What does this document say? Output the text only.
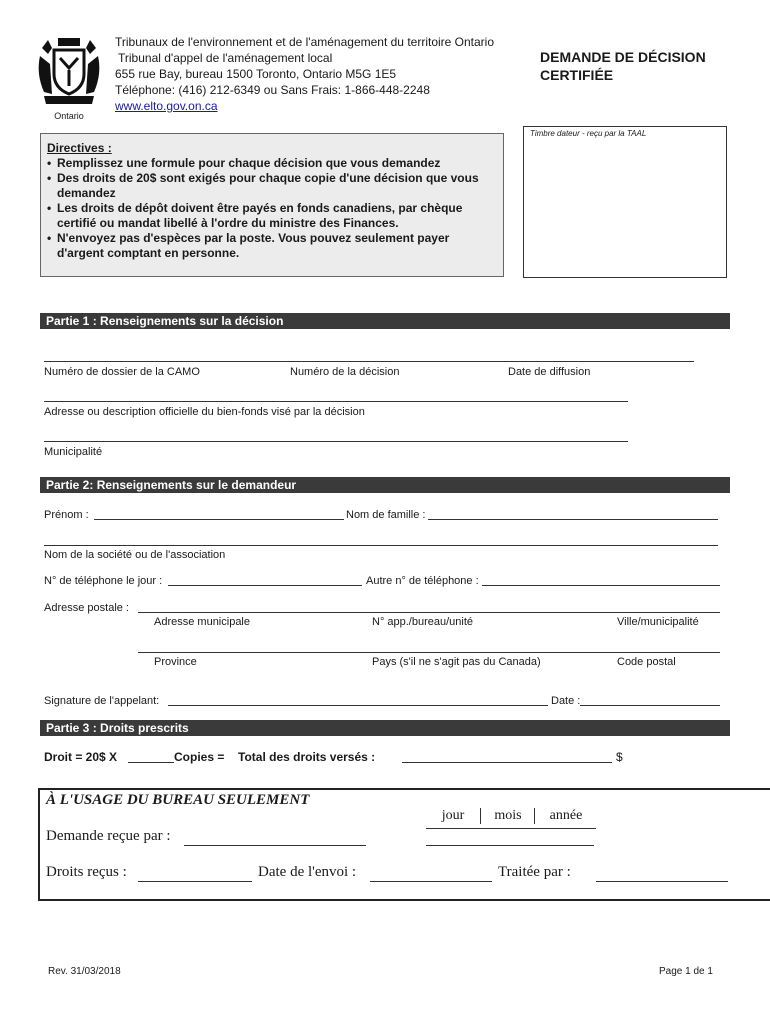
Ontario
Tribunaux de l'environnement et de l'aménagement du territoire Ontario
Tribunal d'appel de l'aménagement local
655 rue Bay, bureau 1500 Toronto, Ontario M5G 1E5
Téléphone: (416) 212-6349 ou Sans Frais: 1-866-448-2248
www.elto.gov.on.ca
DEMANDE DE DÉCISION
CERTIFIÉE
Directives :
• Remplissez une formule pour chaque décision que vous demandez
• Des droits de 20$ sont exigés pour chaque copie d'une décision que vous demandez
• Les droits de dépôt doivent être payés en fonds canadiens, par chèque certifié ou mandat libellé à l'ordre du ministre des Finances.
• N'envoyez pas d'espèces par la poste. Vous pouvez seulement payer d'argent comptant en personne.
Timbre dateur - reçu par la TAAL
Partie 1 : Renseignements sur la décision
Numéro de dossier de la CAMO	Numéro de la décision	Date de diffusion
Adresse ou description officielle du bien-fonds visé par la décision
Municipalité
Partie 2: Renseignements sur le demandeur
Prénom :	Nom de famille :
Nom de la société ou de l'association
N° de téléphone le jour :	Autre n° de téléphone :
Adresse postale :
Adresse municipale	N° app./bureau/unité	Ville/municipalité
Province	Pays (s'il ne s'agit pas du Canada)	Code postal
Signature de l'appelant:	Date :
Partie 3 : Droits prescrits
Droit = 20$ X	Copies = Total des droits versés :	$
À L'USAGE DU BUREAU SEULEMENT
jour	mois	année
Demande reçue par :
Droits reçus :	Date de l'envoi :	Traitée par :
Rev. 31/03/2018	Page 1 de 1
